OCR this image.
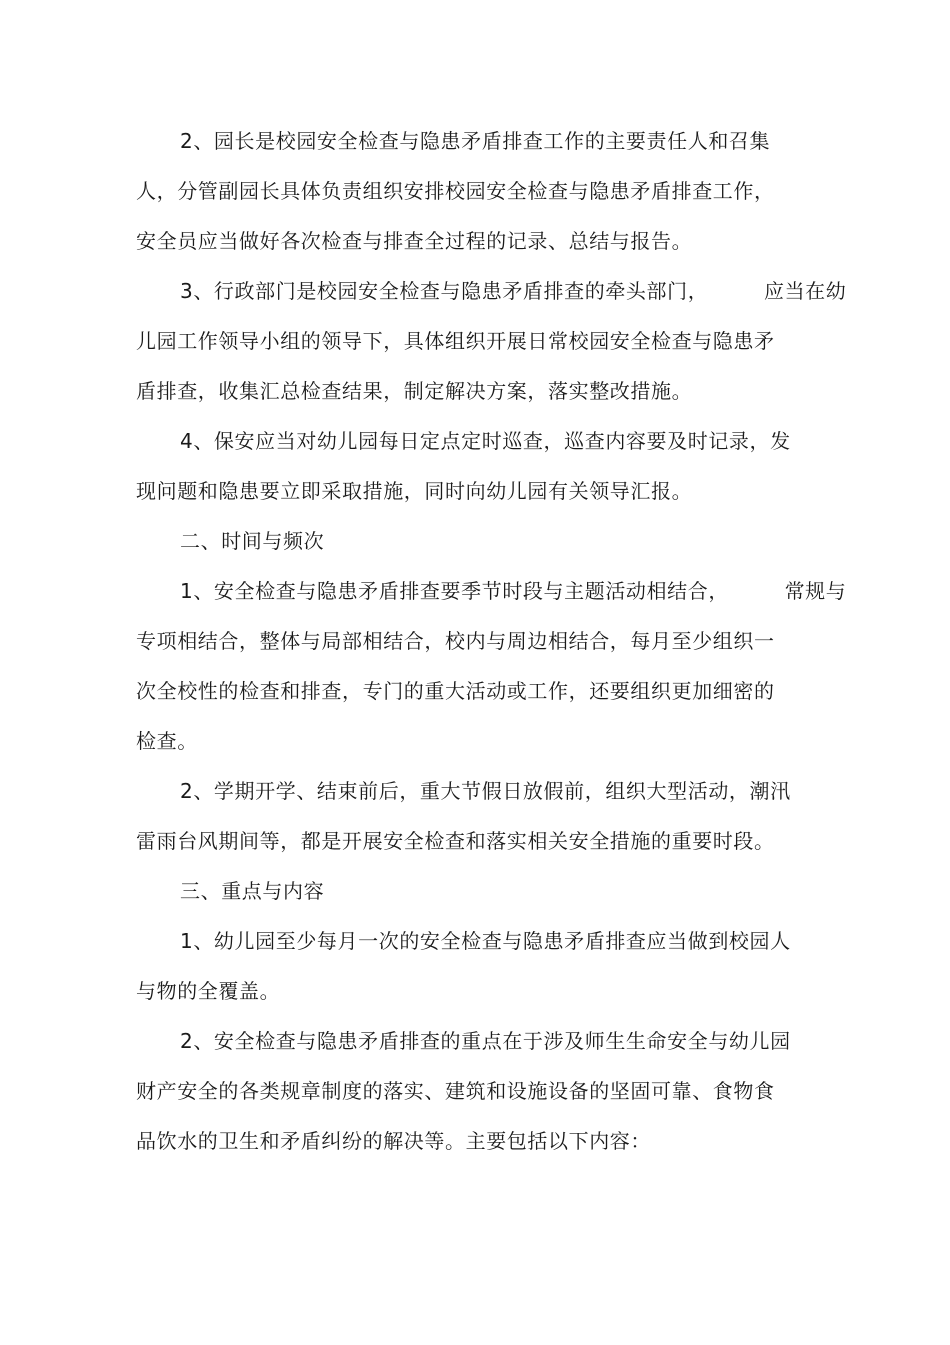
2、园长是校园安全检查与隐患矛盾排查工作的主要责任人和召集
人，分管副园长具体负责组织安排校园安全检查与隐患矛盾排查工作，
安全员应当做好各次检查与排查全过程的记录、总结与报告。
3、行政部门是校园安全检查与隐患矛盾排查的牵头部门，        应当在幼
儿园工作领导小组的领导下，具体组织开展日常校园安全检查与隐患矛
盾排查，收集汇总检查结果，制定解决方案，落实整改措施。
4、保安应当对幼儿园每日定点定时巡查，巡查内容要及时记录，发
现问题和隐患要立即采取措施，同时向幼儿园有关领导汇报。
二、时间与频次
1、安全检查与隐患矛盾排查要季节时段与主题活动相结合，        常规与
专项相结合，整体与局部相结合，校内与周边相结合，每月至少组织一
次全校性的检查和排查，专门的重大活动或工作，还要组织更加细密的
检查。
2、学期开学、结束前后，重大节假日放假前，组织大型活动，潮汛
雷雨台风期间等，都是开展安全检查和落实相关安全措施的重要时段。
三、重点与内容
1、幼儿园至少每月一次的安全检查与隐患矛盾排查应当做到校园人
与物的全覆盖。
2、安全检查与隐患矛盾排查的重点在于涉及师生生命安全与幼儿园
财产安全的各类规章制度的落实、建筑和设施设备的坚固可靠、食物食
品饮水的卫生和矛盾纠纷的解决等。主要包括以下内容：
